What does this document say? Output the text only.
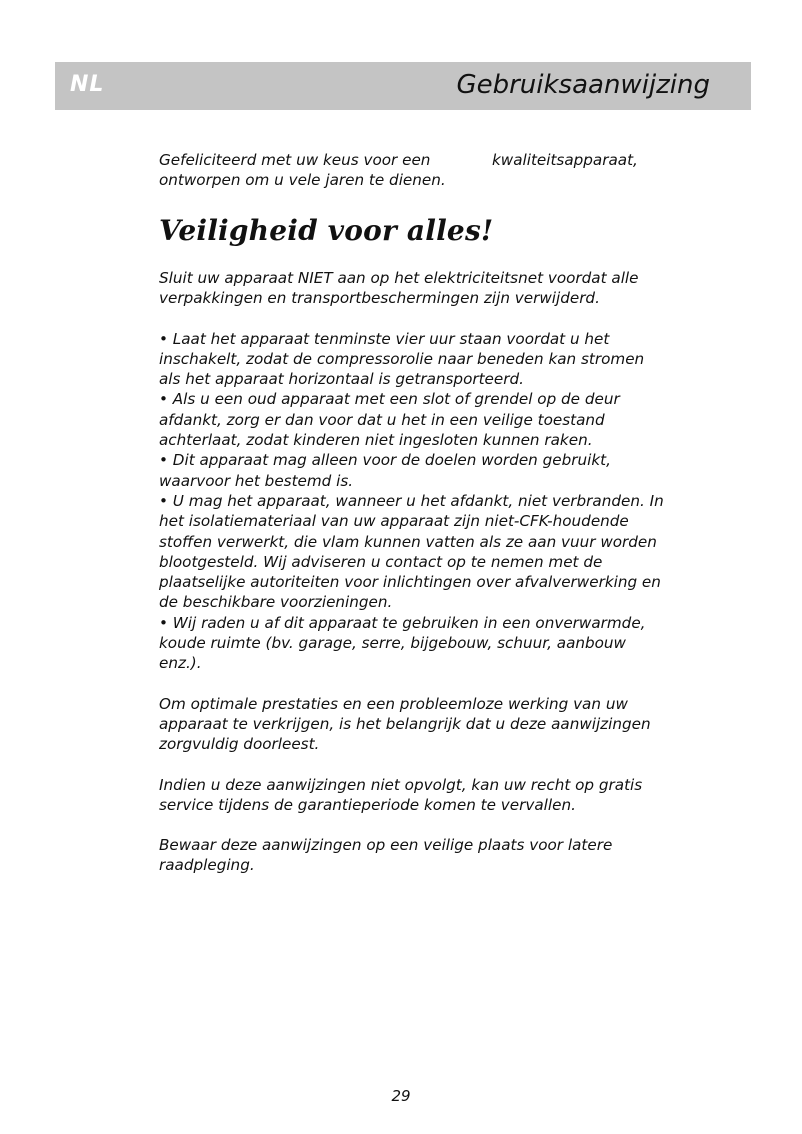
NL	Gebruiksaanwijzing
Gefeliciteerd met uw keus voor een ontworpen om u vele jaren te dienen.
kwaliteitsapparaat,
Veiligheid voor alles!

Sluit uw apparaat NIET aan op het elektriciteitsnet voordat alle verpakkingen en transportbeschermingen zijn verwijderd.

• Laat het apparaat tenminste vier uur staan voordat u het inschakelt, zodat de compressorolie naar beneden kan stromen als het apparaat horizontaal is getransporteerd.
• Als u een oud apparaat met een slot of grendel op de deur afdankt, zorg er dan voor dat u het in een veilige toestand achterlaat, zodat kinderen niet ingesloten kunnen raken.
• Dit apparaat mag alleen voor de doelen worden gebruikt, waarvoor het bestemd is.
• U mag het apparaat, wanneer u het afdankt, niet verbranden. In het isolatiemateriaal van uw apparaat zijn niet-CFK-houdende stoffen verwerkt, die vlam kunnen vatten als ze aan vuur worden blootgesteld. Wij adviseren u contact op te nemen met de plaatselijke autoriteiten voor inlichtingen over afvalverwerking en de beschikbare voorzieningen.
• Wij raden u af dit apparaat te gebruiken in een onverwarmde, koude ruimte (bv. garage, serre, bijgebouw, schuur, aanbouw enz.).

Om optimale prestaties en een probleemloze werking van uw apparaat te verkrijgen, is het belangrijk dat u deze aanwijzingen zorgvuldig doorleest.

Indien u deze aanwijzingen niet opvolgt, kan uw recht op gratis service tijdens de garantieperiode komen te vervallen.

Bewaar deze aanwijzingen op een veilige plaats voor latere raadpleging.

29
